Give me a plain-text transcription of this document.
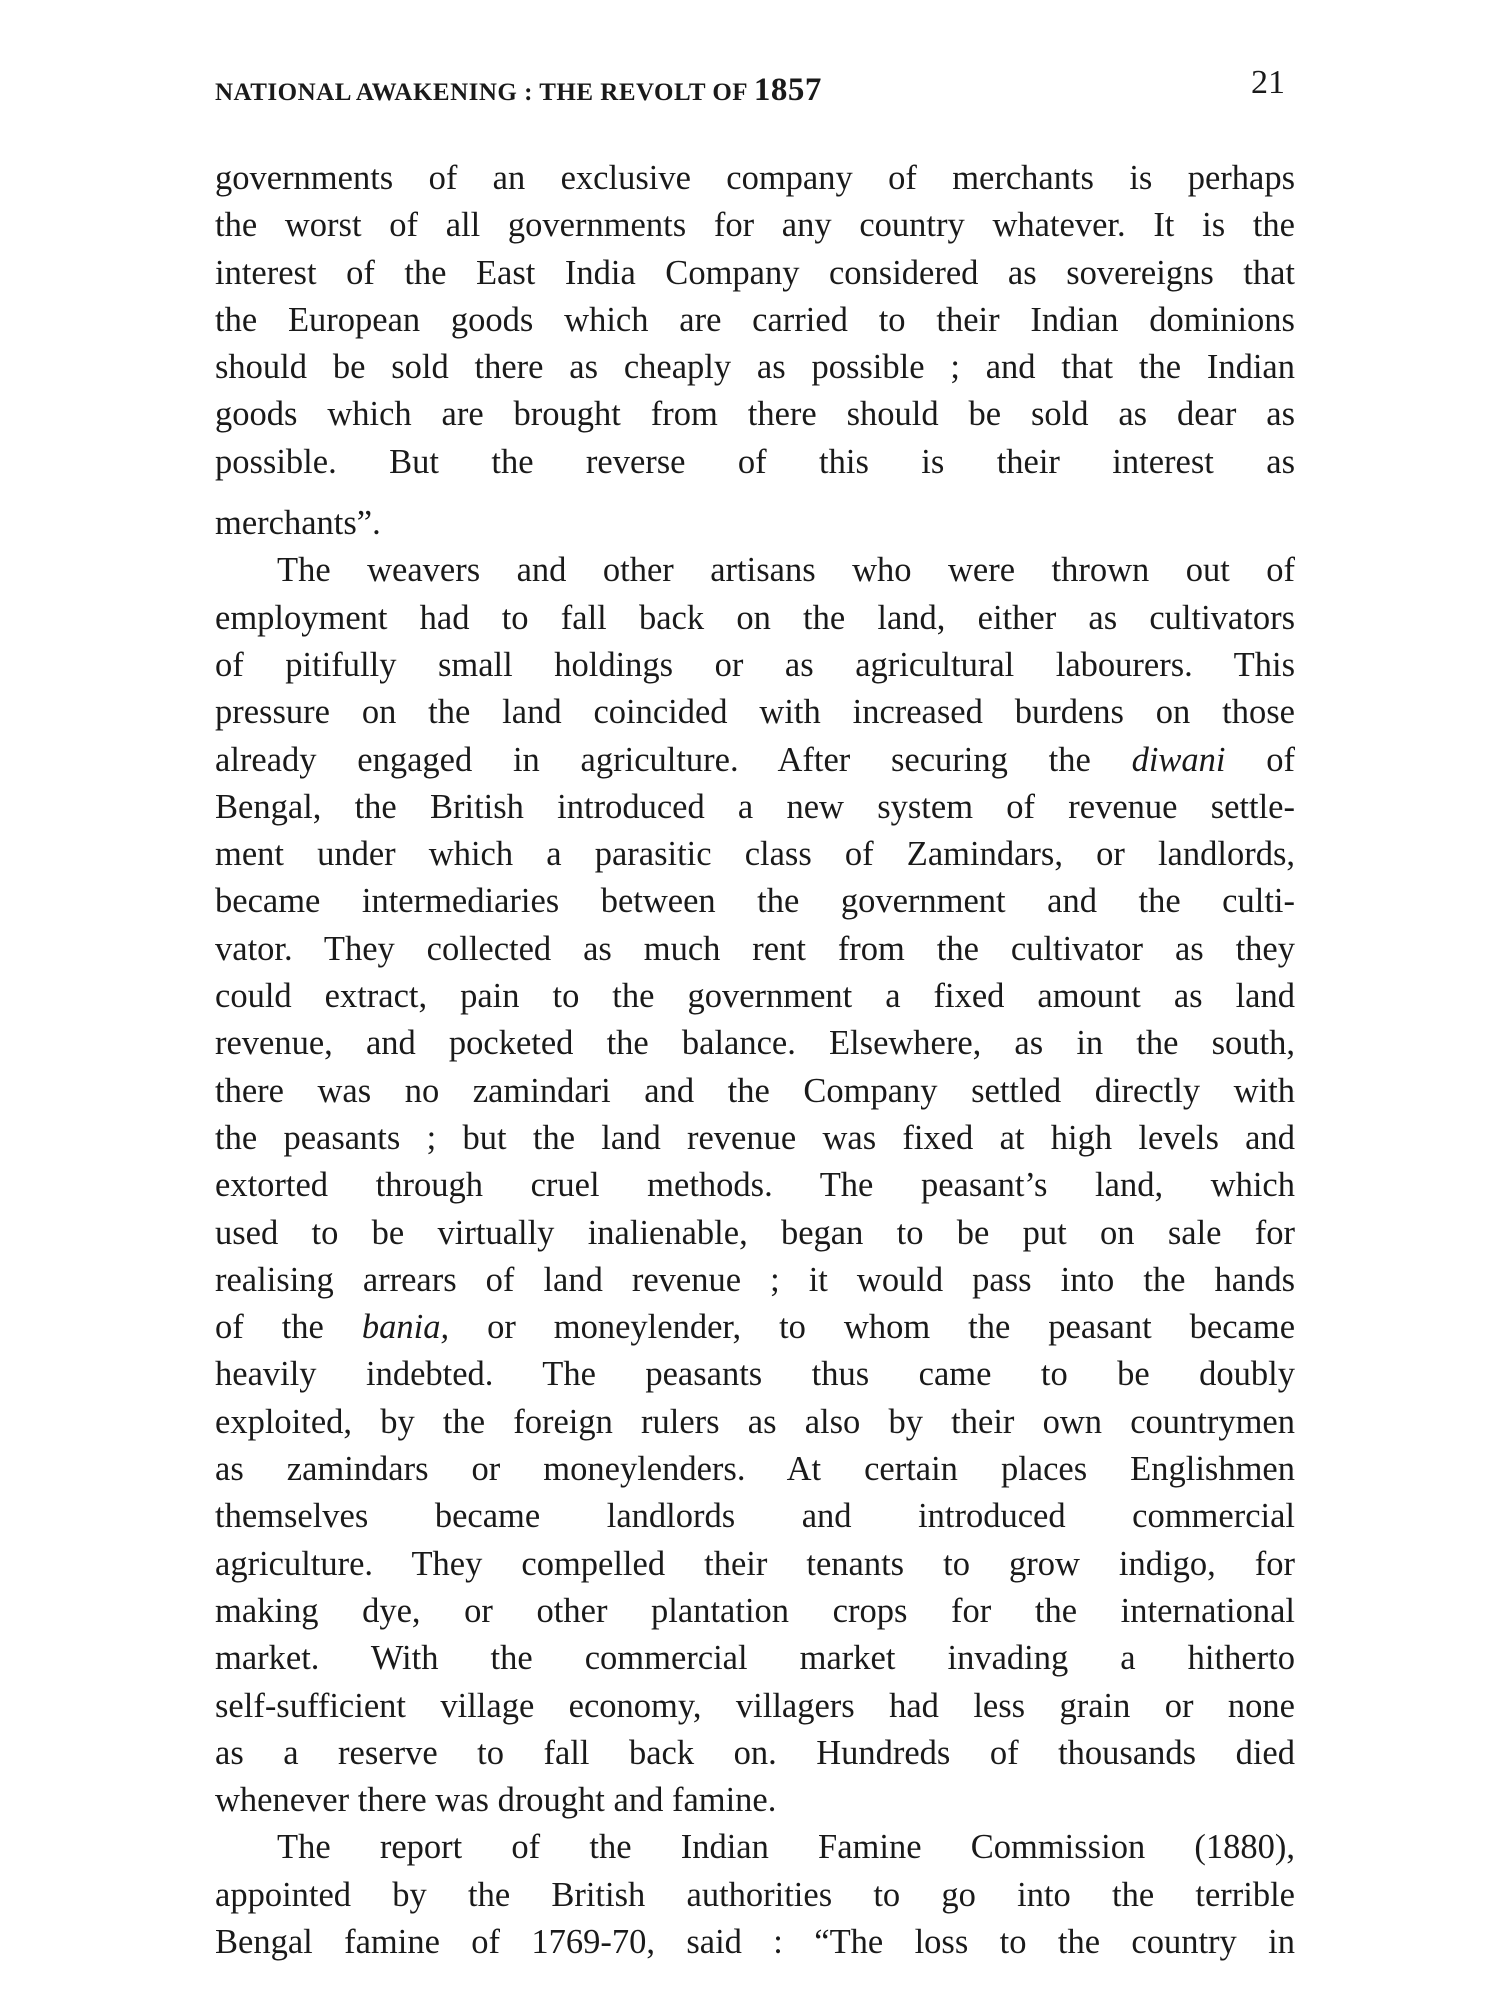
NATIONAL AWAKENING : THE REVOLT OF 1857	21
governments of an exclusive company of merchants is perhaps
the worst of all governments for any country whatever. It is the
interest of the East India Company considered as sovereigns that
the European goods which are carried to their Indian dominions
should be sold there as cheaply as possible ; and that the Indian
goods which are brought from there should be sold as dear as
possible. But the reverse of this is their interest as
merchants”.
The weavers and other artisans who were thrown out of
employment had to fall back on the land, either as cultivators
of pitifully small holdings or as agricultural labourers. This
pressure on the land coincided with increased burdens on those
already engaged in agriculture. After securing the diwani of
Bengal, the British introduced a new system of revenue settle-
ment under which a parasitic class of Zamindars, or landlords,
became intermediaries between the government and the culti-
vator. They collected as much rent from the cultivator as they
could extract, pain to the government a fixed amount as land
revenue, and pocketed the balance. Elsewhere, as in the south,
there was no zamindari and the Company settled directly with
the peasants ; but the land revenue was fixed at high levels and
extorted through cruel methods. The peasant’s land, which
used to be virtually inalienable, began to be put on sale for
realising arrears of land revenue ; it would pass into the hands
of the bania, or moneylender, to whom the peasant became
heavily indebted. The peasants thus came to be doubly
exploited, by the foreign rulers as also by their own countrymen
as zamindars or moneylenders. At certain places Englishmen
themselves became landlords and introduced commercial
agriculture. They compelled their tenants to grow indigo, for
making dye, or other plantation crops for the international
market. With the commercial market invading a hitherto
self-sufficient village economy, villagers had less grain or none
as a reserve to fall back on. Hundreds of thousands died
whenever there was drought and famine.
The report of the Indian Famine Commission (1880),
appointed by the British authorities to go into the terrible
Bengal famine of 1769-70, said : “The loss to the country in
